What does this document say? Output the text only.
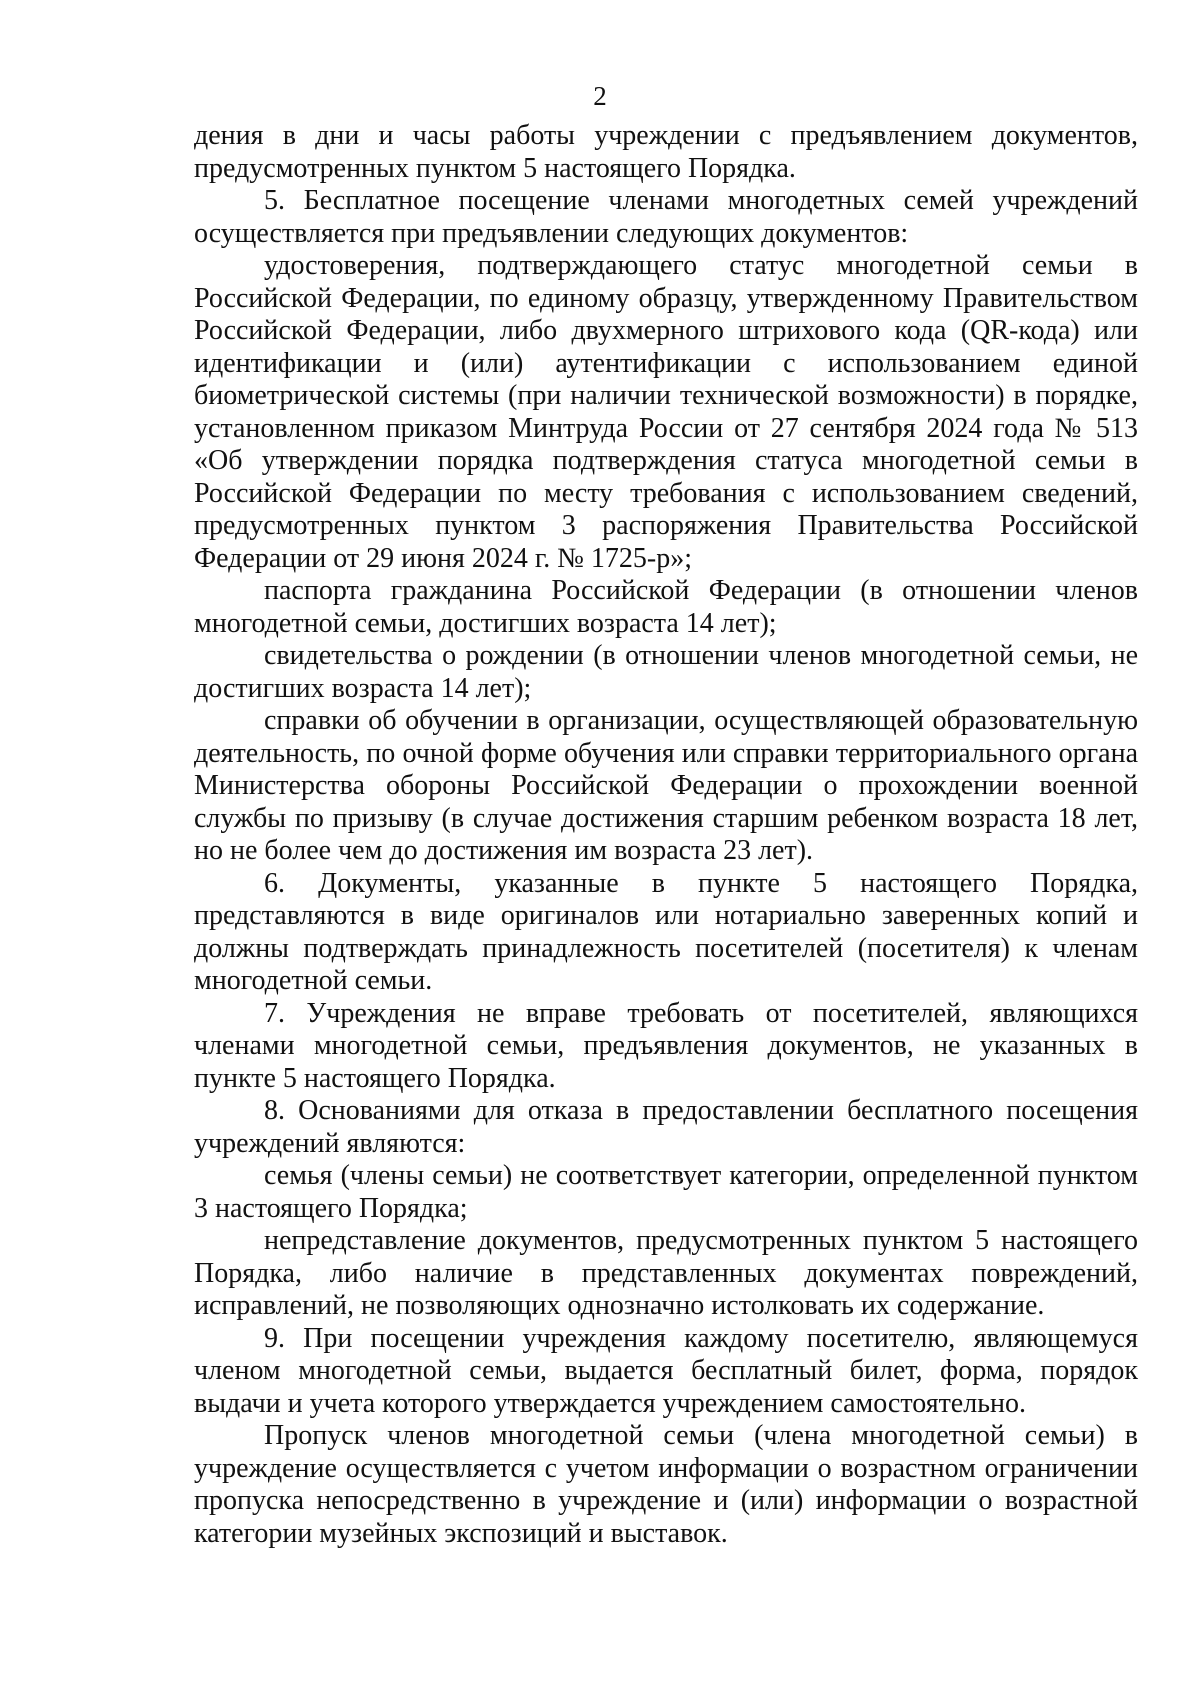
2

дения в дни и часы работы учреждении с предъявлением документов, предусмотренных пунктом 5 настоящего Порядка.

5. Бесплатное посещение членами многодетных семей учреждений осуществляется при предъявлении следующих документов:

удостоверения, подтверждающего статус многодетной семьи в Российской Федерации, по единому образцу, утвержденному Правительством Российской Федерации, либо двухмерного штрихового кода (QR-кода) или идентификации и (или) аутентификации с использованием единой биометрической системы (при наличии технической возможности) в порядке, установленном приказом Минтруда России от 27 сентября 2024 года № 513 «Об утверждении порядка подтверждения статуса многодетной семьи в Российской Федерации по месту требования с использованием сведений, предусмотренных пунктом 3 распоряжения Правительства Российской Федерации от 29 июня 2024 г. № 1725-р»;

паспорта гражданина Российской Федерации (в отношении членов многодетной семьи, достигших возраста 14 лет);

свидетельства о рождении (в отношении членов многодетной семьи, не достигших возраста 14 лет);

справки об обучении в организации, осуществляющей образовательную деятельность, по очной форме обучения или справки территориального органа Министерства обороны Российской Федерации о прохождении военной службы по призыву (в случае достижения старшим ребенком возраста 18 лет, но не более чем до достижения им возраста 23 лет).

6. Документы, указанные в пункте 5 настоящего Порядка, представляются в виде оригиналов или нотариально заверенных копий и должны подтверждать принадлежность посетителей (посетителя) к членам многодетной семьи.

7. Учреждения не вправе требовать от посетителей, являющихся членами многодетной семьи, предъявления документов, не указанных в пункте 5 настоящего Порядка.

8. Основаниями для отказа в предоставлении бесплатного посещения учреждений являются:

семья (члены семьи) не соответствует категории, определенной пунктом 3 настоящего Порядка;

непредставление документов, предусмотренных пунктом 5 настоящего Порядка, либо наличие в представленных документах повреждений, исправлений, не позволяющих однозначно истолковать их содержание.

9. При посещении учреждения каждому посетителю, являющемуся членом многодетной семьи, выдается бесплатный билет, форма, порядок выдачи и учета которого утверждается учреждением самостоятельно.

Пропуск членов многодетной семьи (члена многодетной семьи) в учреждение осуществляется с учетом информации о возрастном ограничении пропуска непосредственно в учреждение и (или) информации о возрастной категории музейных экспозиций и выставок.
